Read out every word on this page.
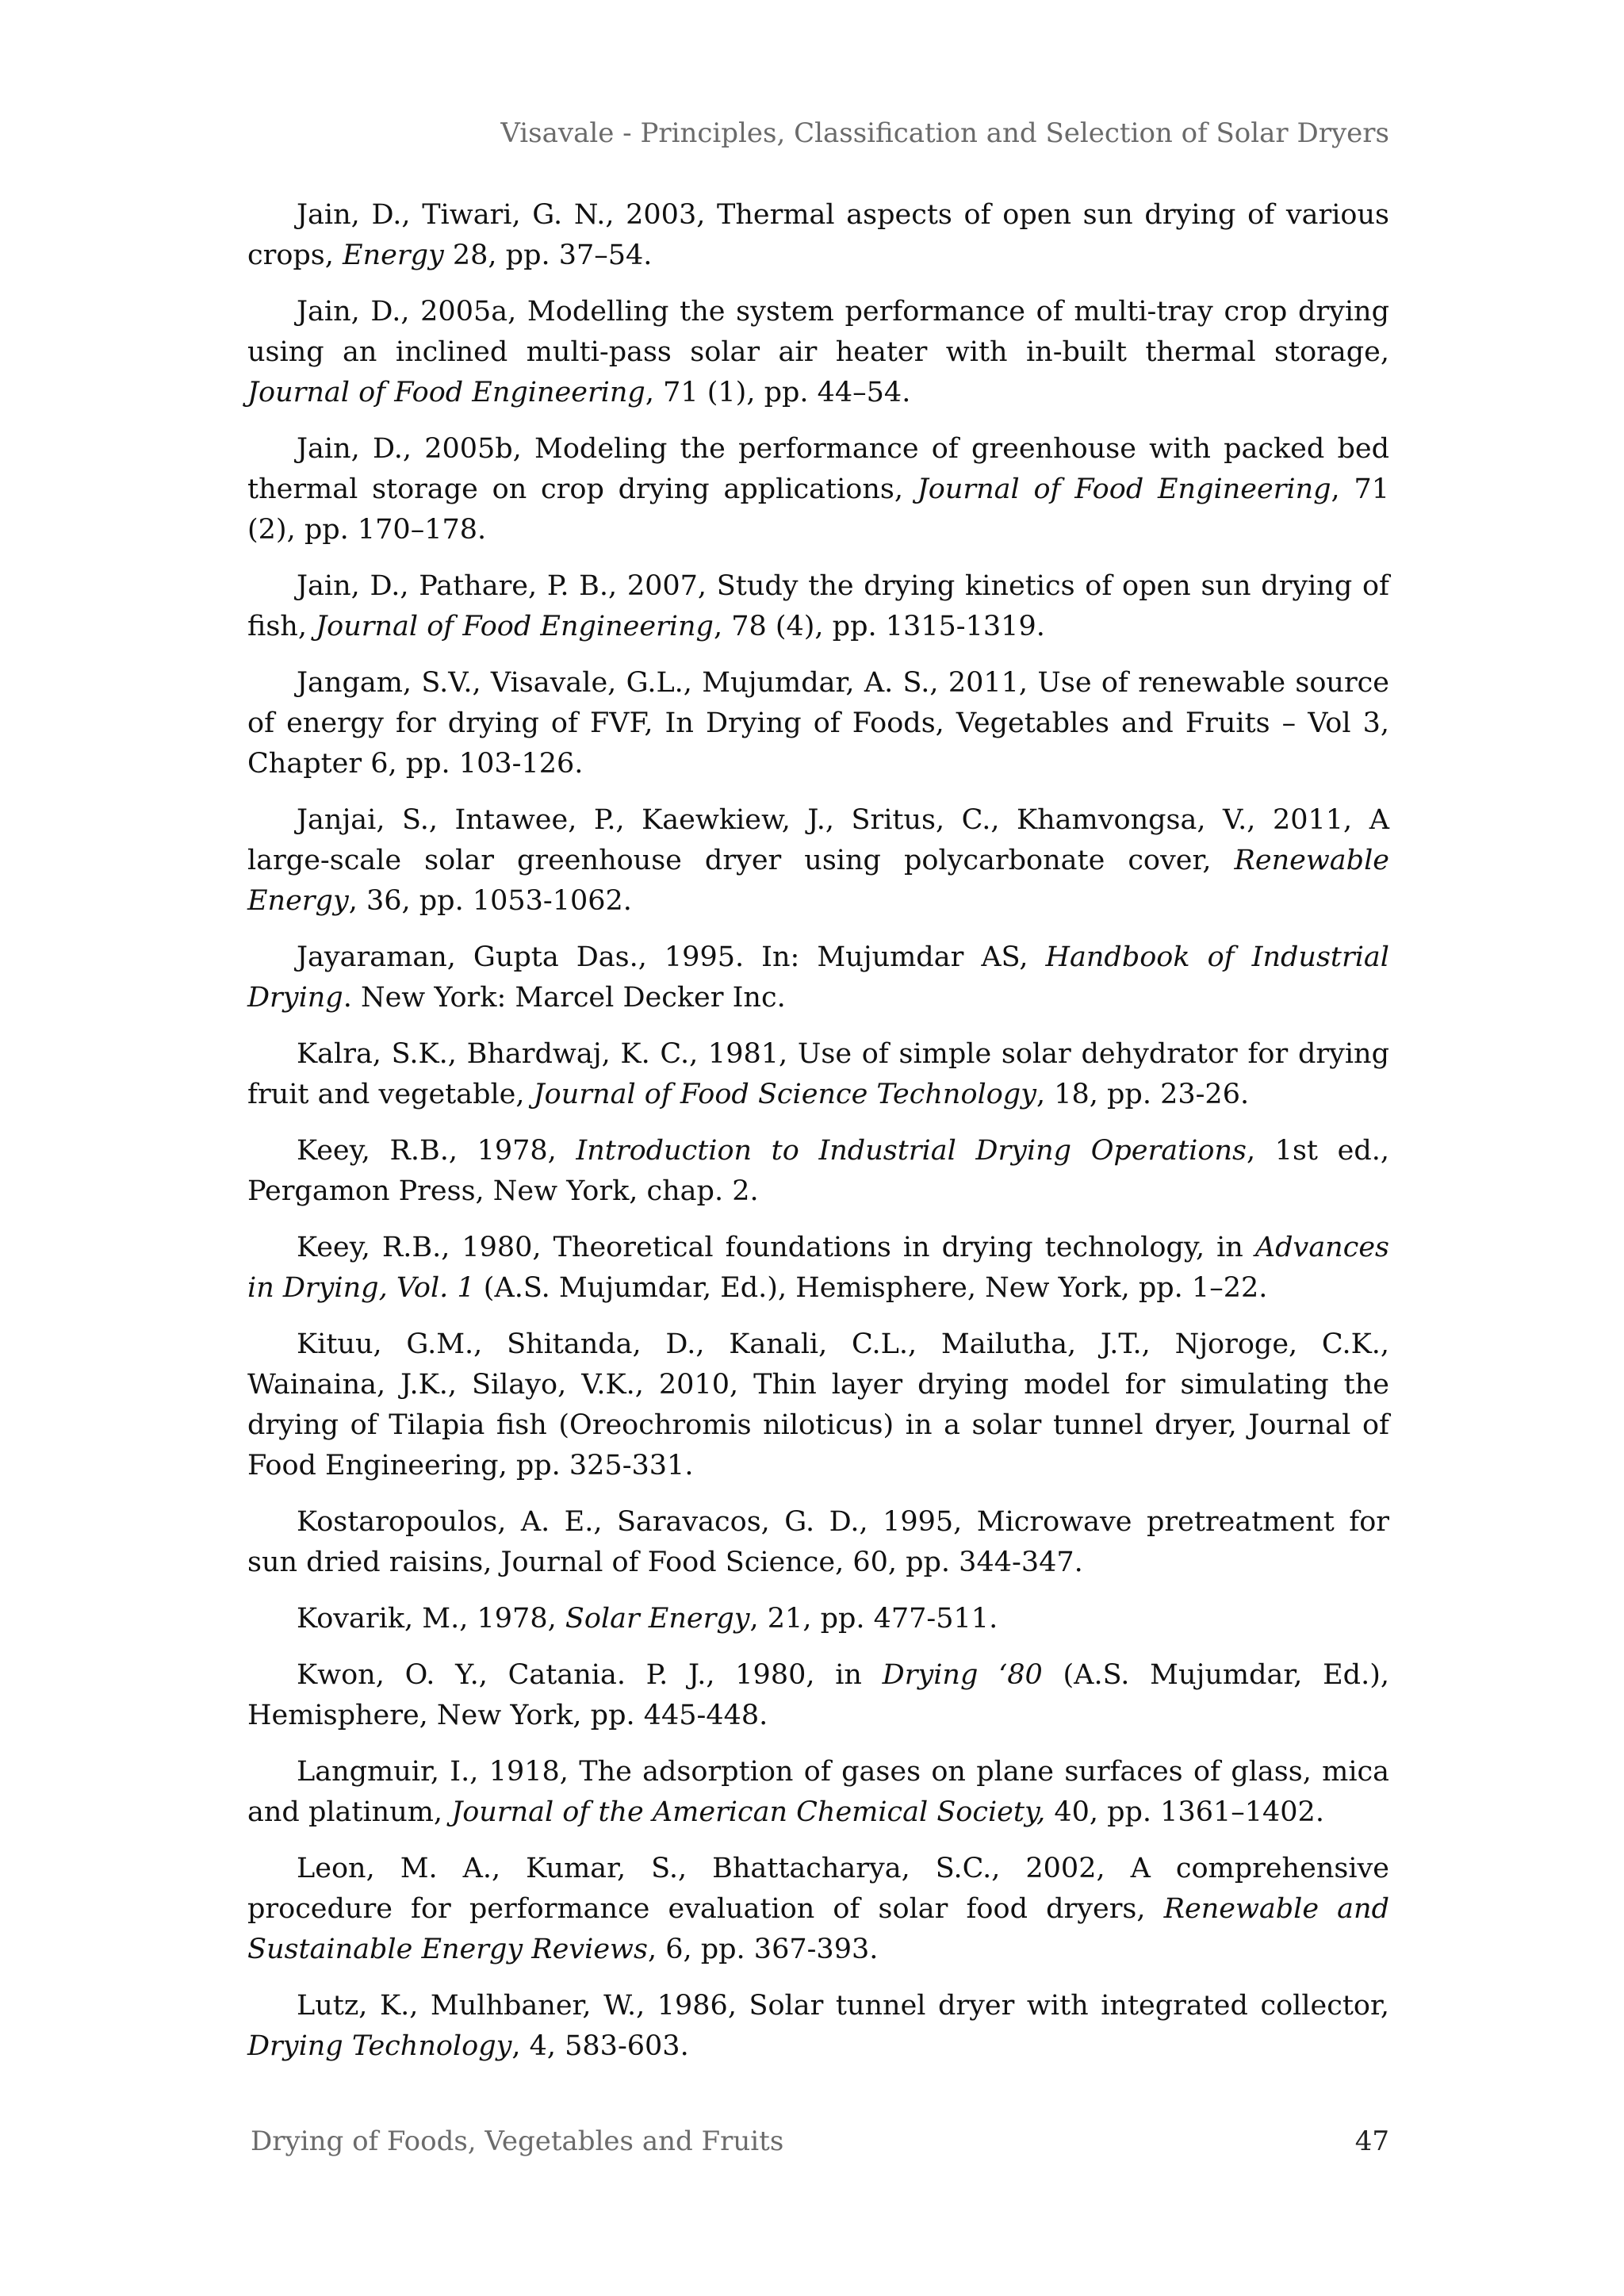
Visavale - Principles, Classification and Selection of Solar Dryers

Jain, D., Tiwari, G. N., 2003, Thermal aspects of open sun drying of various crops, Energy 28, pp. 37–54.

Jain, D., 2005a, Modelling the system performance of multi-tray crop drying using an inclined multi-pass solar air heater with in-built thermal storage, Journal of Food Engineering, 71 (1), pp. 44–54.

Jain, D., 2005b, Modeling the performance of greenhouse with packed bed thermal storage on crop drying applications, Journal of Food Engineering, 71 (2), pp. 170–178.

Jain, D., Pathare, P. B., 2007, Study the drying kinetics of open sun drying of fish, Journal of Food Engineering, 78 (4), pp. 1315-1319.

Jangam, S.V., Visavale, G.L., Mujumdar, A. S., 2011, Use of renewable source of energy for drying of FVF, In Drying of Foods, Vegetables and Fruits – Vol 3, Chapter 6, pp. 103-126.

Janjai, S., Intawee, P., Kaewkiew, J., Sritus, C., Khamvongsa, V., 2011, A large-scale solar greenhouse dryer using polycarbonate cover, Renewable Energy, 36, pp. 1053-1062.

Jayaraman, Gupta Das., 1995. In: Mujumdar AS, Handbook of Industrial Drying. New York: Marcel Decker Inc.

Kalra, S.K., Bhardwaj, K. C., 1981, Use of simple solar dehydrator for drying fruit and vegetable, Journal of Food Science Technology, 18, pp. 23-26.

Keey, R.B., 1978, Introduction to Industrial Drying Operations, 1st ed., Pergamon Press, New York, chap. 2.

Keey, R.B., 1980, Theoretical foundations in drying technology, in Advances in Drying, Vol. 1 (A.S. Mujumdar, Ed.), Hemisphere, New York, pp. 1–22.

Kituu, G.M., Shitanda, D., Kanali, C.L., Mailutha, J.T., Njoroge, C.K., Wainaina, J.K., Silayo, V.K., 2010, Thin layer drying model for simulating the drying of Tilapia fish (Oreochromis niloticus) in a solar tunnel dryer, Journal of Food Engineering, pp. 325-331.

Kostaropoulos, A. E., Saravacos, G. D., 1995, Microwave pretreatment for sun dried raisins, Journal of Food Science, 60, pp. 344-347.

Kovarik, M., 1978, Solar Energy, 21, pp. 477-511.

Kwon, O. Y., Catania. P. J., 1980, in Drying ‘80 (A.S. Mujumdar, Ed.), Hemisphere, New York, pp. 445-448.

Langmuir, I., 1918, The adsorption of gases on plane surfaces of glass, mica and platinum, Journal of the American Chemical Society, 40, pp. 1361–1402.

Leon, M. A., Kumar, S., Bhattacharya, S.C., 2002, A comprehensive procedure for performance evaluation of solar food dryers, Renewable and Sustainable Energy Reviews, 6, pp. 367-393.

Lutz, K., Mulhbaner, W., 1986, Solar tunnel dryer with integrated collector, Drying Technology, 4, 583-603.

Drying of Foods, Vegetables and Fruits	47
